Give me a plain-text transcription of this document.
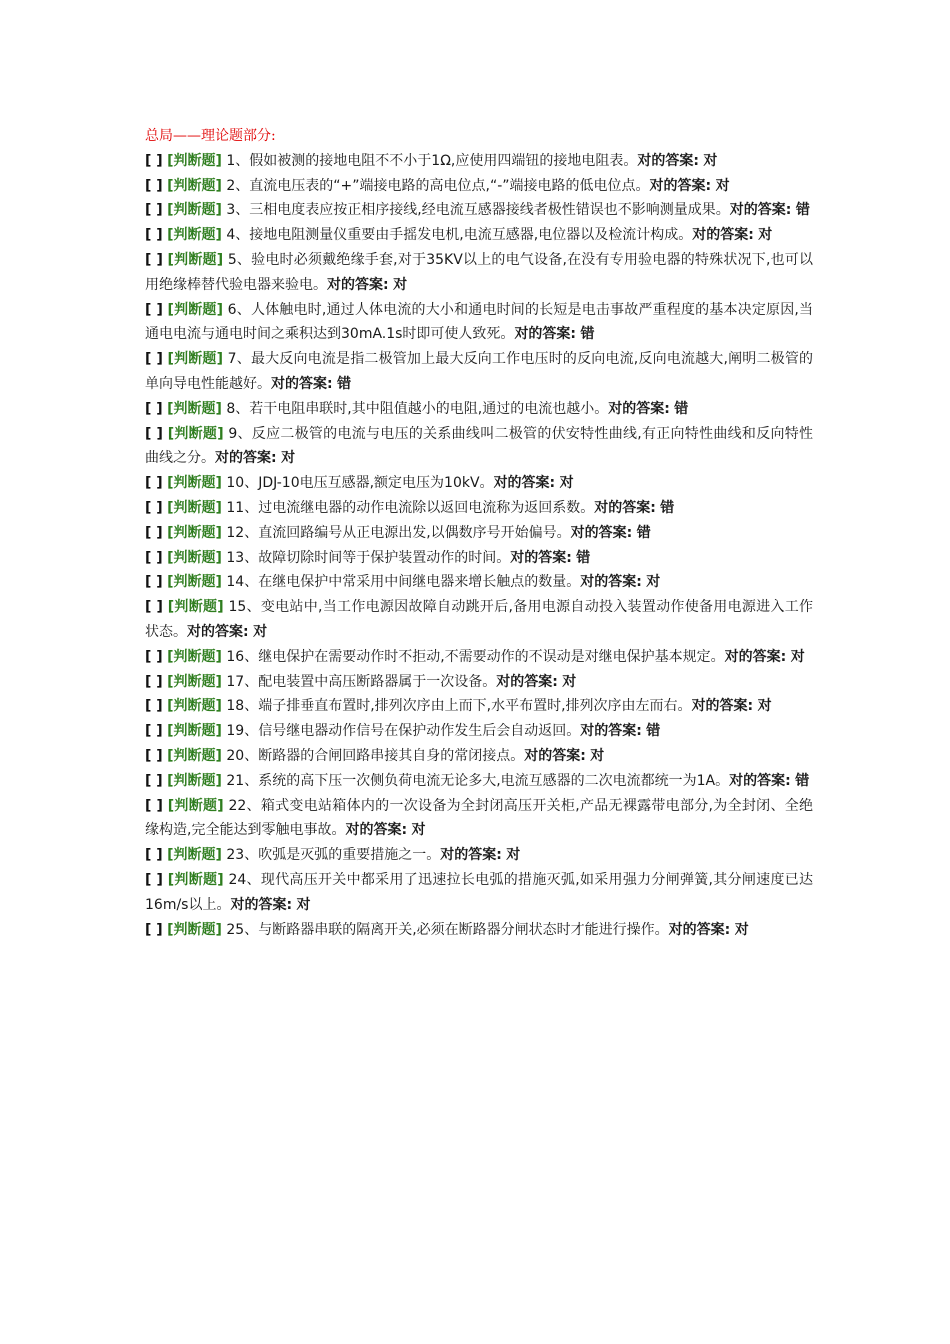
总局——理论题部分:

[ ] [判断题] 1、假如被测的接地电阻不不小于1Ω,应使用四端钮的接地电阻表。对的答案: 对

[ ] [判断题] 2、直流电压表的“+”端接电路的高电位点,“-”端接电路的低电位点。对的答案: 对

[ ] [判断题] 3、三相电度表应按正相序接线,经电流互感器接线者极性错误也不影响测量成果。对的答案: 错

[ ] [判断题] 4、接地电阻测量仪重要由手摇发电机,电流互感器,电位器以及检流计构成。对的答案: 对

[ ] [判断题] 5、验电时必须戴绝缘手套,对于35KV以上的电气设备,在没有专用验电器的特殊状况下,也可以用绝缘棒替代验电器来验电。对的答案: 对

[ ] [判断题] 6、人体触电时,通过人体电流的大小和通电时间的长短是电击事故严重程度的基本决定原因,当通电电流与通电时间之乘积达到30mA.1s时即可使人致死。对的答案: 错

[ ] [判断题] 7、最大反向电流是指二极管加上最大反向工作电压时的反向电流,反向电流越大,阐明二极管的单向导电性能越好。对的答案: 错

[ ] [判断题] 8、若干电阻串联时,其中阻值越小的电阻,通过的电流也越小。对的答案: 错

[ ] [判断题] 9、反应二极管的电流与电压的关系曲线叫二极管的伏安特性曲线,有正向特性曲线和反向特性曲线之分。对的答案: 对

[ ] [判断题] 10、JDJ-10电压互感器,额定电压为10kV。对的答案: 对

[ ] [判断题] 11、过电流继电器的动作电流除以返回电流称为返回系数。对的答案: 错

[ ] [判断题] 12、直流回路编号从正电源出发,以偶数序号开始偏号。对的答案: 错

[ ] [判断题] 13、故障切除时间等于保护装置动作的时间。对的答案: 错

[ ] [判断题] 14、在继电保护中常采用中间继电器来增长触点的数量。对的答案: 对

[ ] [判断题] 15、变电站中,当工作电源因故障自动跳开后,备用电源自动投入装置动作使备用电源进入工作状态。对的答案: 对

[ ] [判断题] 16、继电保护在需要动作时不拒动,不需要动作的不误动是对继电保护基本规定。对的答案: 对

[ ] [判断题] 17、配电装置中高压断路器属于一次设备。对的答案: 对

[ ] [判断题] 18、端子排垂直布置时,排列次序由上而下,水平布置时,排列次序由左而右。对的答案: 对

[ ] [判断题] 19、信号继电器动作信号在保护动作发生后会自动返回。对的答案: 错

[ ] [判断题] 20、断路器的合闸回路串接其自身的常闭接点。对的答案: 对

[ ] [判断题] 21、系统的高下压一次侧负荷电流无论多大,电流互感器的二次电流都统一为1A。对的答案: 错

[ ] [判断题] 22、箱式变电站箱体内的一次设备为全封闭高压开关柜,产品无裸露带电部分,为全封闭、全绝缘构造,完全能达到零触电事故。对的答案: 对

[ ] [判断题] 23、吹弧是灭弧的重要措施之一。对的答案: 对

[ ] [判断题] 24、现代高压开关中都采用了迅速拉长电弧的措施灭弧,如采用强力分闸弹簧,其分闸速度已达16m/s以上。对的答案: 对

[ ] [判断题] 25、与断路器串联的隔离开关,必须在断路器分闸状态时才能进行操作。对的答案: 对
